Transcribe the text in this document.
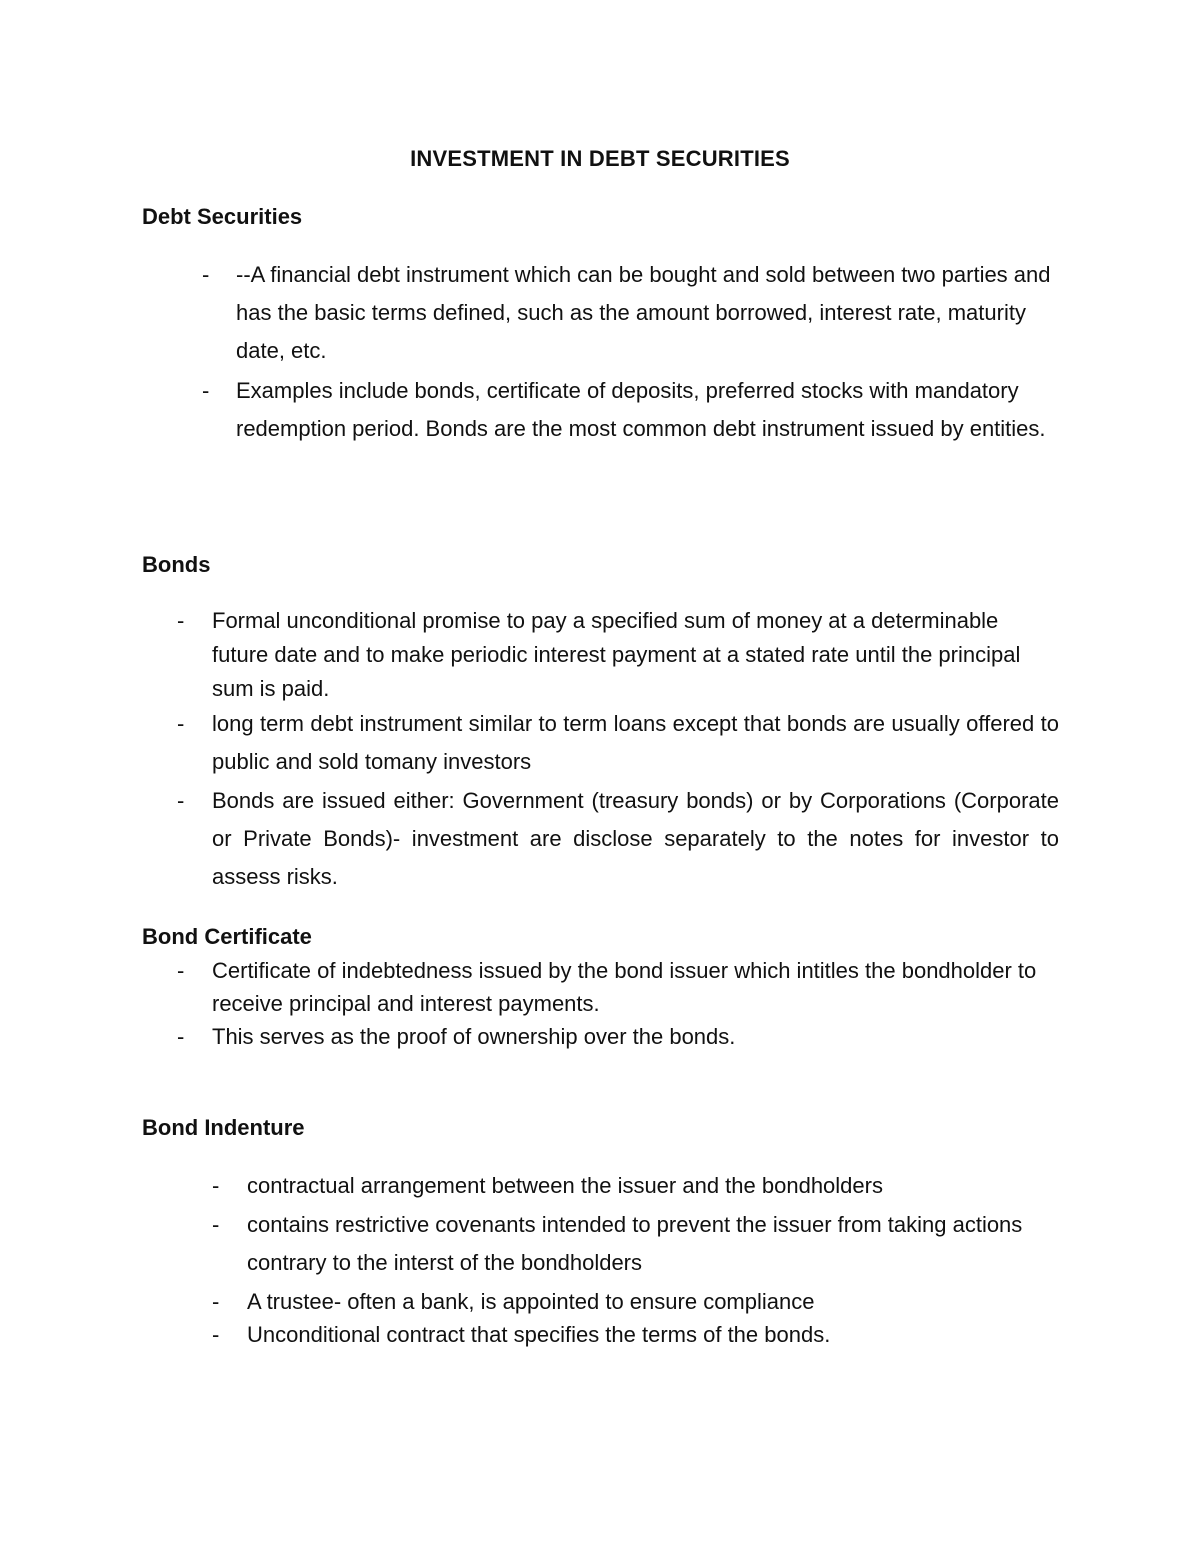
INVESTMENT IN DEBT SECURITIES
Debt Securities
- --A financial debt instrument which can be bought and sold between two parties and has the basic terms defined, such as the amount borrowed, interest rate, maturity date, etc.
- Examples include bonds, certificate of deposits, preferred stocks with mandatory redemption period. Bonds are the most common debt instrument issued by entities.
Bonds
- Formal unconditional promise to pay a specified sum of money at a determinable future date and to make periodic interest payment at a stated rate until the principal sum is paid.
- long term debt instrument similar to term loans except that bonds are usually offered to public and sold tomany investors
- Bonds are issued either: Government (treasury bonds) or by Corporations (Corporate or Private Bonds)- investment are disclose separately to the notes for investor to assess risks.
Bond Certificate
- Certificate of indebtedness issued by the bond issuer which intitles the bondholder to receive principal and interest payments.
- This serves as the proof of ownership over the bonds.
Bond Indenture
- contractual arrangement between the issuer and the bondholders
- contains restrictive covenants intended to prevent the issuer from taking actions contrary to the interst of the bondholders
- A trustee- often a bank, is appointed to ensure compliance
- Unconditional contract that specifies the terms of the bonds.
